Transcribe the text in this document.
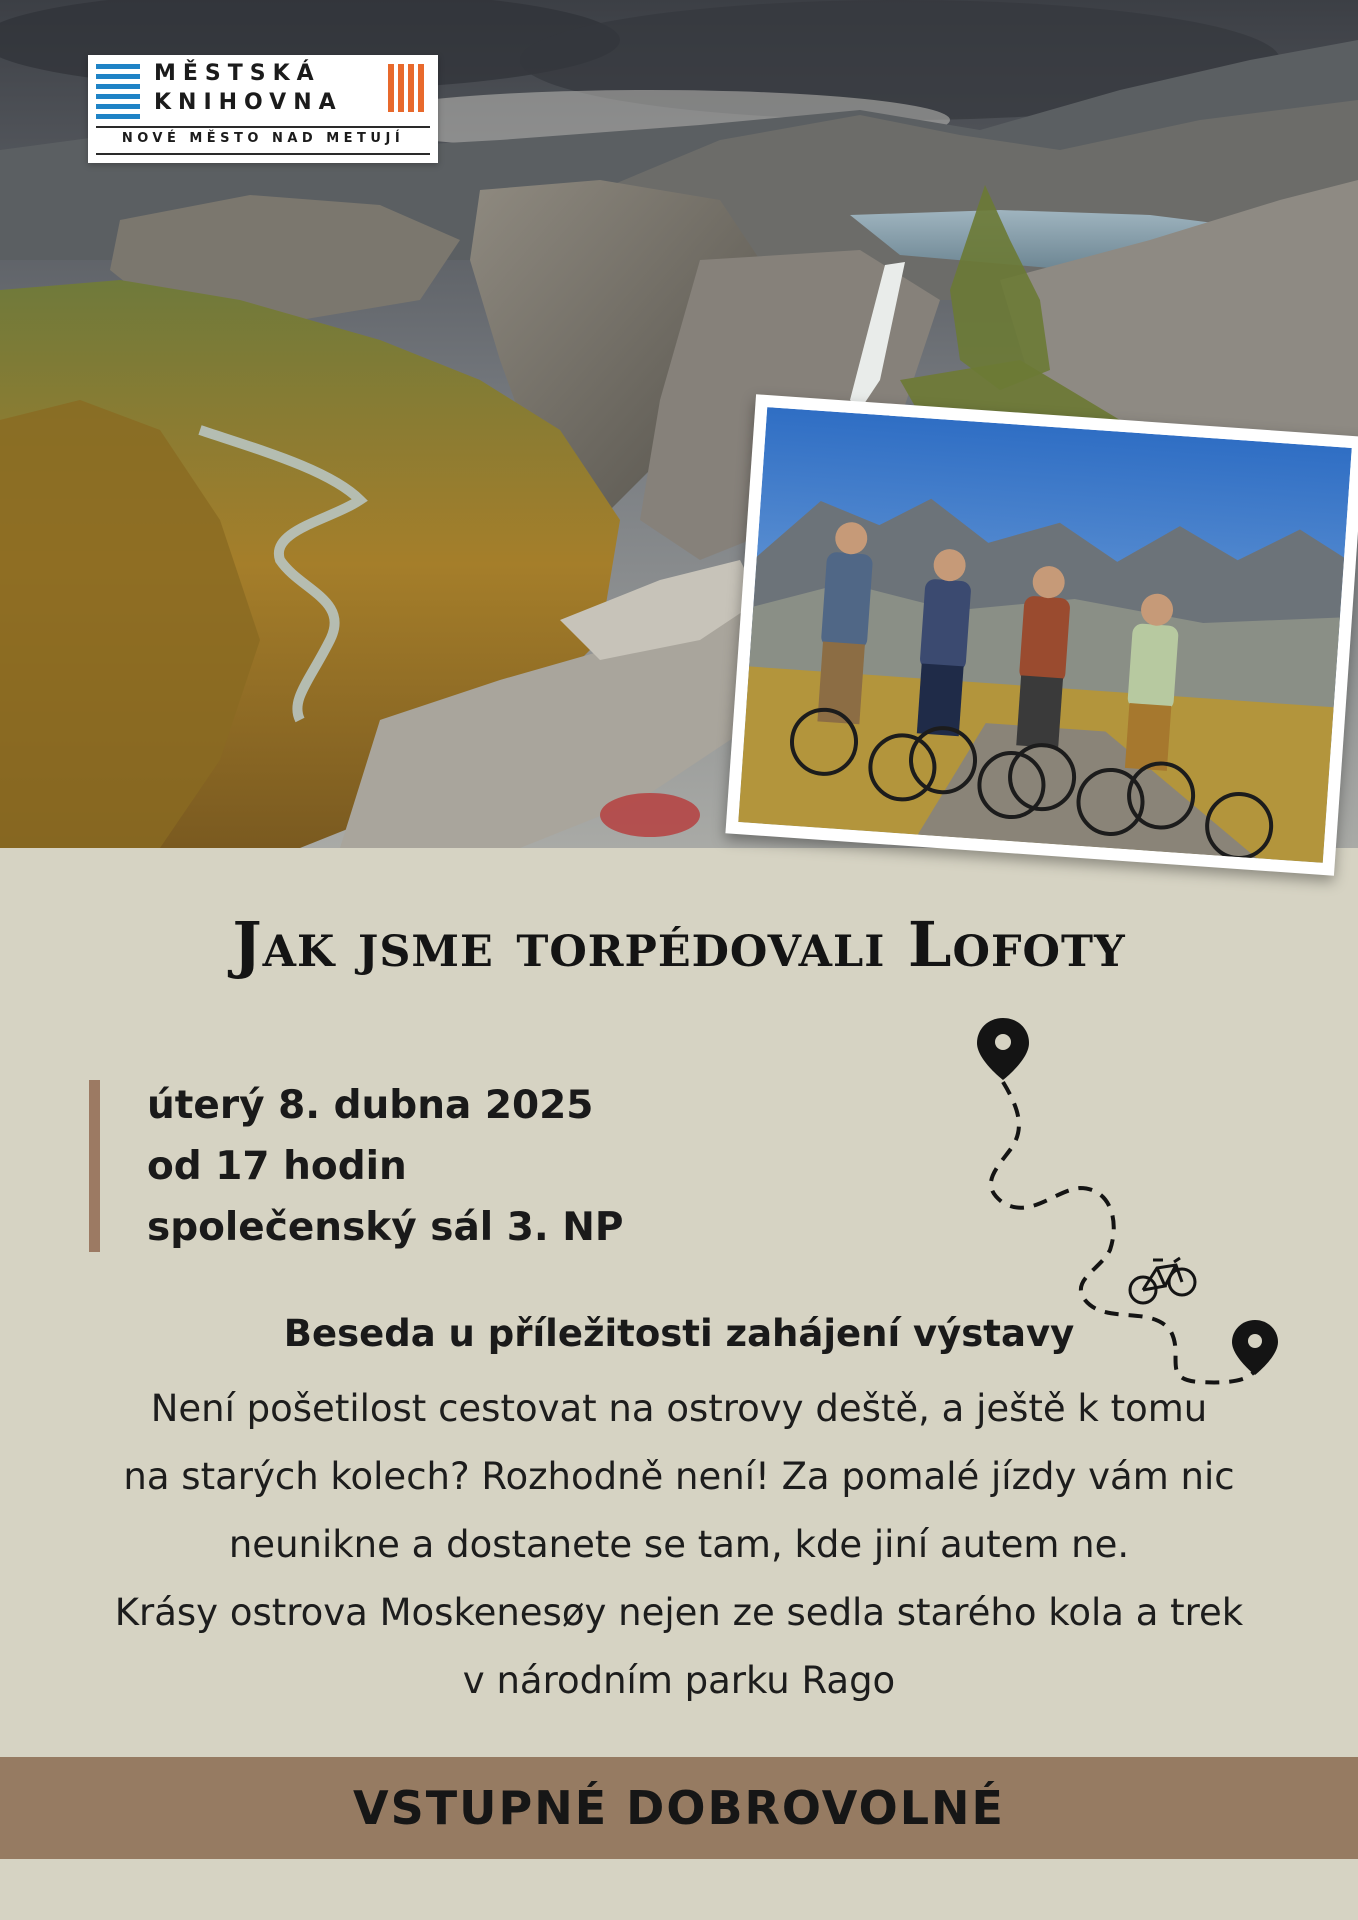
MĚSTSKÁ
KNIHOVNA
NOVÉ MĚSTO NAD METUJÍ
Jak jsme torpédovali Lofoty
úterý 8. dubna 2025
od 17 hodin
společenský sál 3. NP
Beseda u příležitosti zahájení výstavy
Není pošetilost cestovat na ostrovy deště, a ještě k tomu
na starých kolech? Rozhodně není! Za pomalé jízdy vám nic
neunikne a dostanete se tam, kde jiní autem ne.
Krásy ostrova Moskenesøy nejen ze sedla starého kola a trek
v národním parku Rago
VSTUPNÉ DOBROVOLNÉ
